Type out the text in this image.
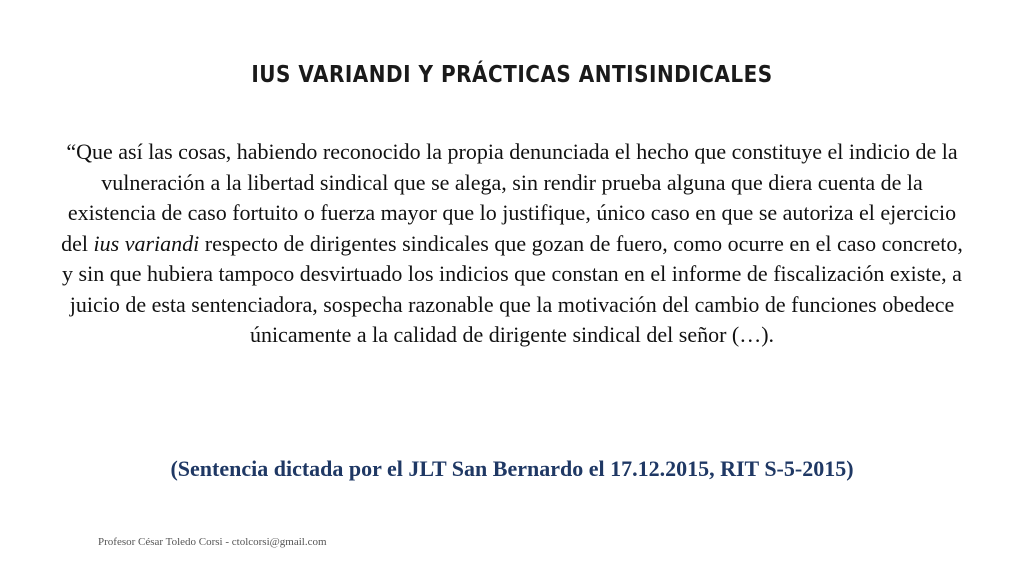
IUS VARIANDI Y PRÁCTICAS ANTISINDICALES
“Que así las cosas, habiendo reconocido la propia denunciada el hecho que constituye el indicio de la vulneración a la libertad sindical que se alega, sin rendir prueba alguna que diera cuenta de la existencia de caso fortuito o fuerza mayor que lo justifique, único caso en que se autoriza el ejercicio del ius variandi respecto de dirigentes sindicales que gozan de fuero, como ocurre en el caso concreto, y sin que hubiera tampoco desvirtuado los indicios que constan en el informe de fiscalización existe, a juicio de esta sentenciadora, sospecha razonable que la motivación del cambio de funciones obedece únicamente a la calidad de dirigente sindical del señor (…).
(Sentencia dictada por el JLT San Bernardo el 17.12.2015, RIT S-5-2015)
Profesor César Toledo Corsi - ctolcorsi@gmail.com
